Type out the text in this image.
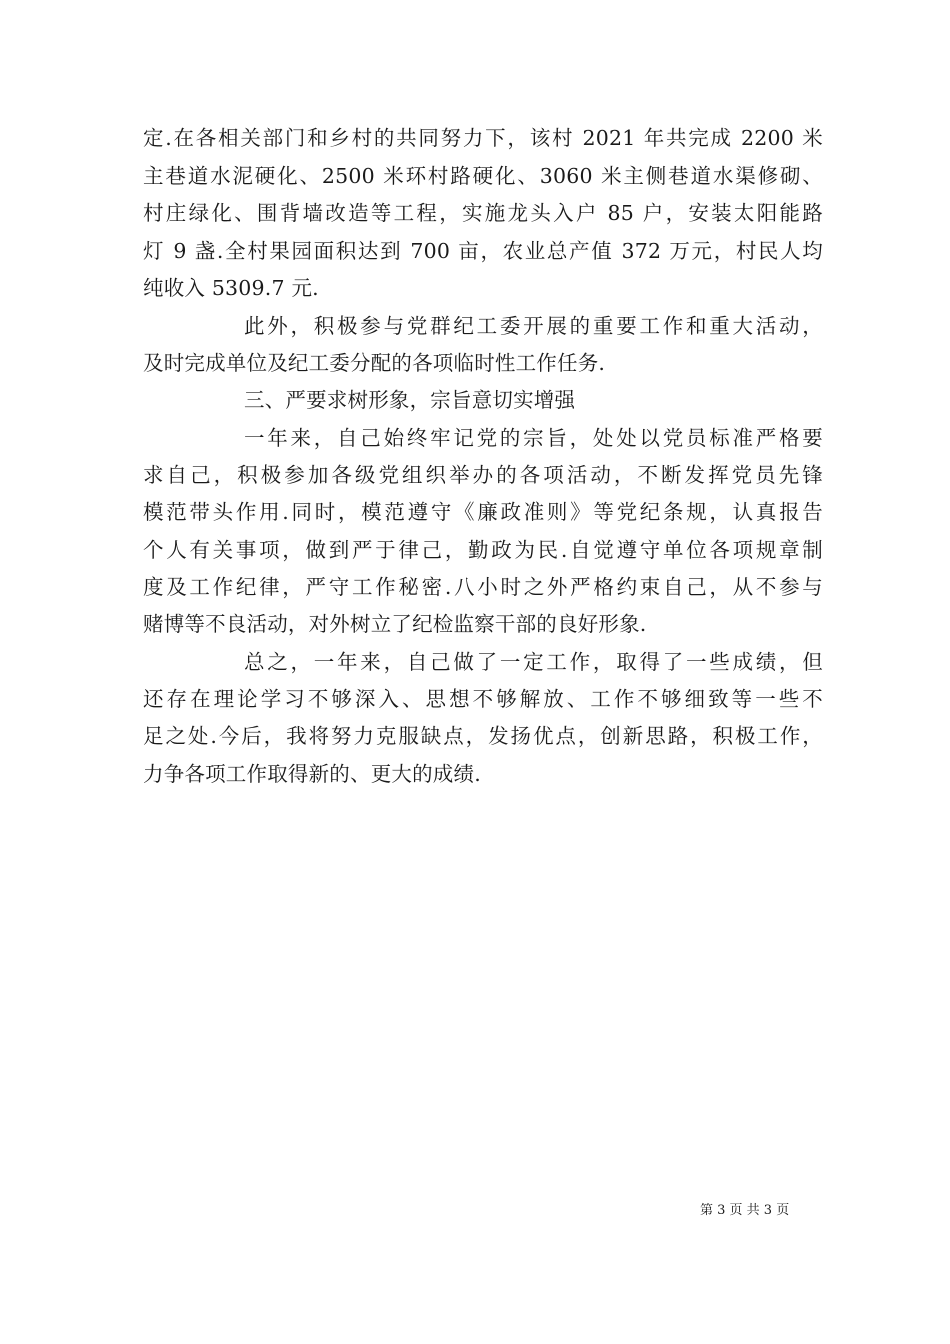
定.在各相关部门和乡村的共同努力下，该村 2021 年共完成 2200 米
主巷道水泥硬化、2500 米环村路硬化、3060 米主侧巷道水渠修砌、
村庄绿化、围背墙改造等工程，实施龙头入户 85 户，安装太阳能路
灯 9 盏.全村果园面积达到 700 亩，农业总产值 372 万元，村民人均
纯收入 5309.7 元.
此外，积极参与党群纪工委开展的重要工作和重大活动，
及时完成单位及纪工委分配的各项临时性工作任务.
三、严要求树形象，宗旨意切实增强
一年来，自己始终牢记党的宗旨，处处以党员标准严格要
求自己，积极参加各级党组织举办的各项活动，不断发挥党员先锋
模范带头作用.同时，模范遵守《廉政准则》等党纪条规，认真报告
个人有关事项，做到严于律己，勤政为民.自觉遵守单位各项规章制
度及工作纪律，严守工作秘密.八小时之外严格约束自己，从不参与
赌博等不良活动，对外树立了纪检监察干部的良好形象.
总之，一年来，自己做了一定工作，取得了一些成绩，但
还存在理论学习不够深入、思想不够解放、工作不够细致等一些不
足之处.今后，我将努力克服缺点，发扬优点，创新思路，积极工作，
力争各项工作取得新的、更大的成绩.
第 3 页 共 3 页
